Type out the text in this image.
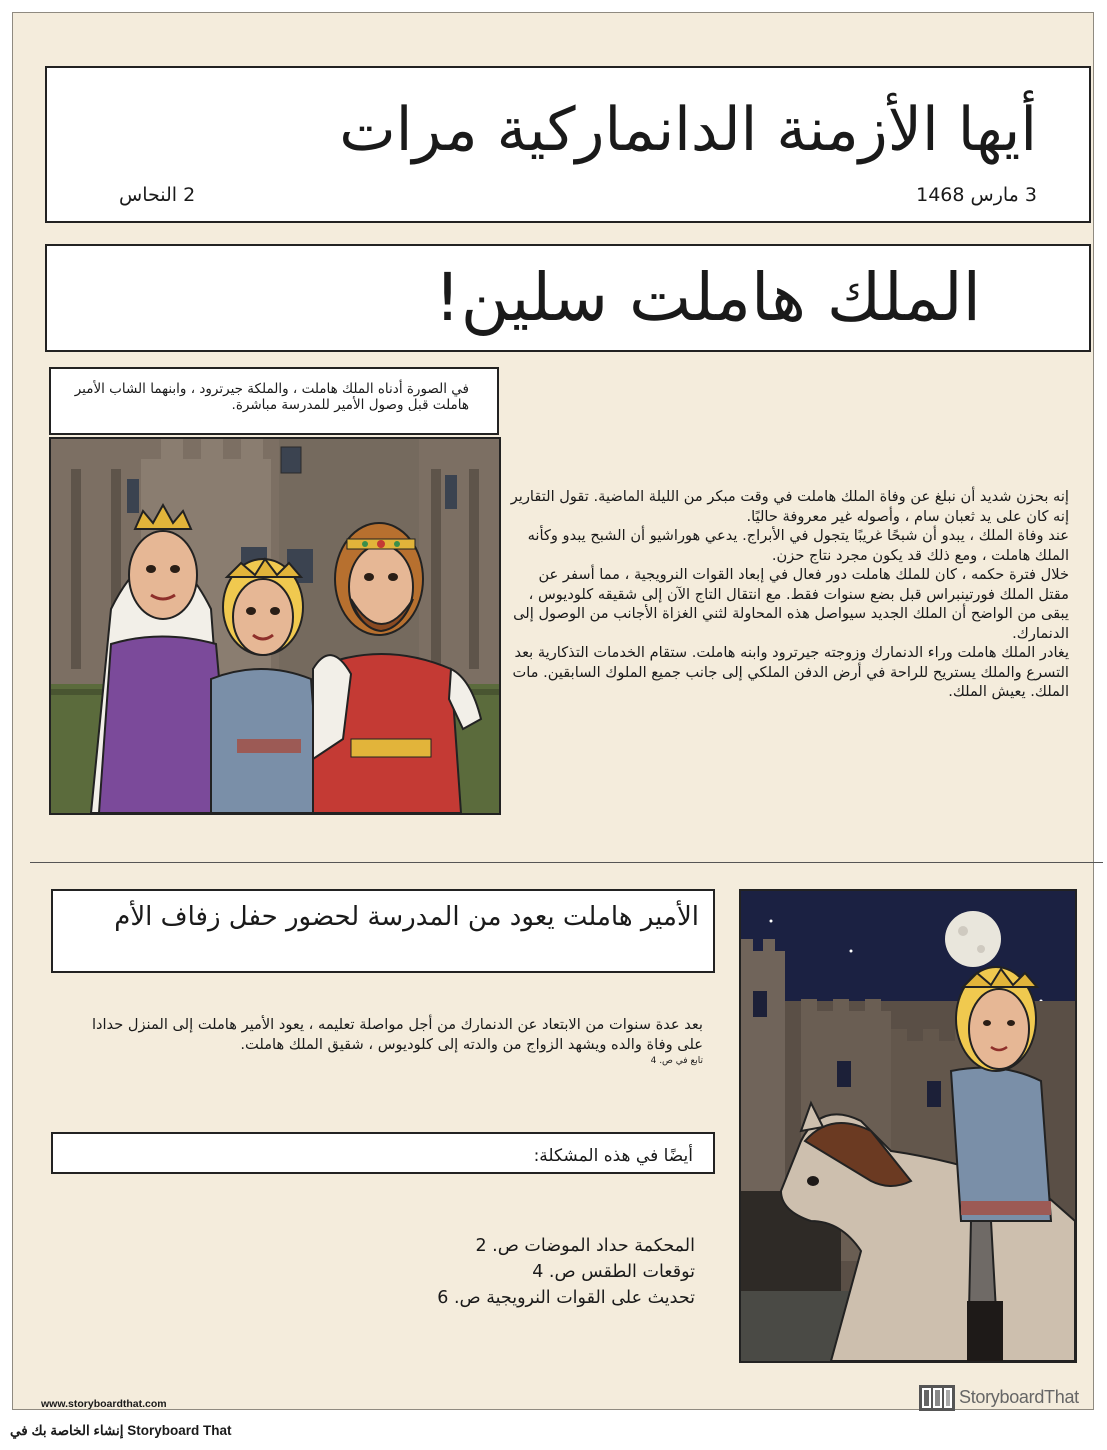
أيها الأزمنة الدانماركية مرات
3 مارس 1468
2 النحاس
الملك هاملت سلين!
في الصورة أدناه الملك هاملت ، والملكة جيرترود ، وابنهما الشاب الأمير هاملت قبل وصول الأمير للمدرسة مباشرة.

إنه بحزن شديد أن نبلغ عن وفاة الملك هاملت في وقت مبكر من الليلة الماضية. تقول التقارير إنه كان على يد ثعبان سام ، وأصوله غير معروفة حاليًا.

عند وفاة الملك ، يبدو أن شبحًا غريبًا يتجول في الأبراج. يدعي هوراشيو أن الشبح يبدو وكأنه الملك هاملت ، ومع ذلك قد يكون مجرد نتاج حزن.

خلال فترة حكمه ، كان للملك هاملت دور فعال في إبعاد القوات النرويجية ، مما أسفر عن مقتل الملك فورتينبراس قبل بضع سنوات فقط. مع انتقال التاج الآن إلى شقيقه كلوديوس ، يبقى من الواضح أن الملك الجديد سيواصل هذه المحاولة لثني الغزاة الأجانب من الوصول إلى الدنمارك.

يغادر الملك هاملت وراء الدنمارك وزوجته جيرترود وابنه هاملت. ستقام الخدمات التذكارية بعد التسرع والملك يستريح للراحة في أرض الدفن الملكي إلى جانب جميع الملوك السابقين. مات الملك. يعيش الملك.

الأمير هاملت يعود من المدرسة لحضور حفل زفاف الأم
بعد عدة سنوات من الابتعاد عن الدنمارك من أجل مواصلة تعليمه ، يعود الأمير هاملت إلى المنزل حدادا على وفاة والده ويشهد الزواج من والدته إلى كلوديوس ، شقيق الملك هاملت.
تابع في ص. 4
أيضًا في هذه المشكلة:
المحكمة حداد الموضات ص. 2
توقعات الطقس ص. 4
تحديث على القوات النرويجية ص. 6
www.storyboardthat.com	StoryboardThat
إنشاء الخاصة بك في Storyboard That
